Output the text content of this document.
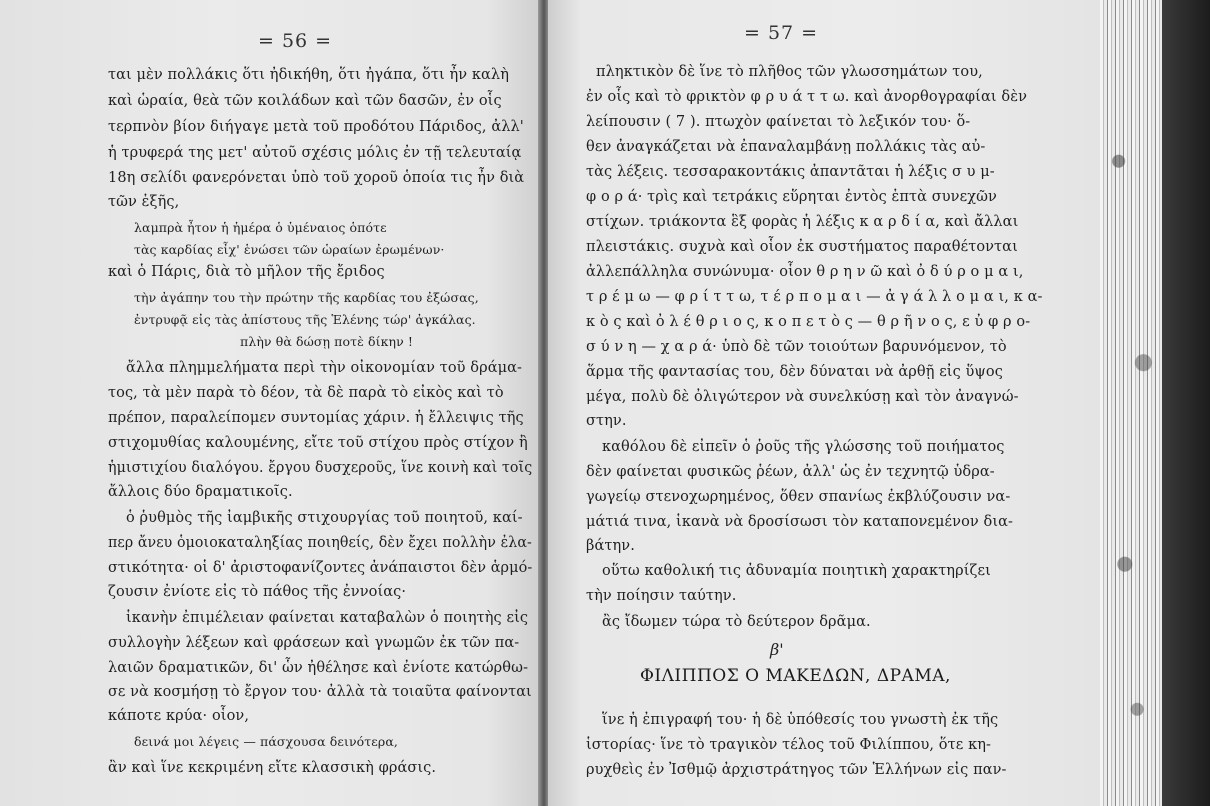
= 56 =
ται μὲν πολλάκις ὅτι ἠδικήθη, ὅτι ἠγάπα, ὅτι ἦν καλὴ
καὶ ὡραία, θεὰ τῶν κοιλάδων καὶ τῶν δασῶν, ἐν οἷς
τερπνὸν βίον διήγαγε μετὰ τοῦ προδότου Πάριδος, ἀλλ'
ἡ τρυφερά της μετ' αὐτοῦ σχέσις μόλις ἐν τῇ τελευταίᾳ
18η σελίδι φανερόνεται ὑπὸ τοῦ χοροῦ ὁποία τις ἦν διὰ
τῶν ἑξῆς,
λαμπρὰ ἦτον ἡ ἡμέρα ὁ ὑμέναιος ὁπότε
τὰς καρδίας εἶχ' ἑνώσει τῶν ὡραίων ἐρωμένων·
καὶ ὁ Πάρις, διὰ τὸ μῆλον τῆς ἔριδος
τὴν ἀγάπην του τὴν πρώτην τῆς καρδίας του ἐξώσας,
ἐντρυφᾷ εἰς τὰς ἀπίστους τῆς Ἑλένης τώρ' ἀγκάλας.
πλὴν θὰ δώσῃ ποτὲ δίκην !
ἄλλα πλημμελήματα περὶ τὴν οἰκονομίαν τοῦ δράμα-
τος, τὰ μὲν παρὰ τὸ δέον, τὰ δὲ παρὰ τὸ εἰκὸς καὶ τὸ
πρέπον, παραλείπομεν συντομίας χάριν. ἡ ἔλλειψις τῆς
στιχομυθίας καλουμένης, εἴτε τοῦ στίχου πρὸς στίχον ἢ
ἡμιστιχίου διαλόγου. ἔργου δυσχεροῦς, ἵνε κοινὴ καὶ τοῖς
ἄλλοις δύο δραματικοῖς.
ὁ ῥυθμὸς τῆς ἰαμβικῆς στιχουργίας τοῦ ποιητοῦ, καί-
περ ἄνευ ὁμοιοκαταληξίας ποιηθείς, δὲν ἔχει πολλὴν ἐλα-
στικότητα· οἱ δ' ἀριστοφανίζοντες ἀνάπαιστοι δὲν ἁρμό-
ζουσιν ἐνίοτε εἰς τὸ πάθος τῆς ἐννοίας·
ἱκανὴν ἐπιμέλειαν φαίνεται καταβαλὼν ὁ ποιητὴς εἰς
συλλογὴν λέξεων καὶ φράσεων καὶ γνωμῶν ἐκ τῶν πα-
λαιῶν δραματικῶν, δι' ὧν ἠθέλησε καὶ ἐνίοτε κατώρθω-
σε νὰ κοσμήσῃ τὸ ἔργον του· ἀλλὰ τὰ τοιαῦτα φαίνονται
κάποτε κρύα· οἷον,
δεινά μοι λέγεις — πάσχουσα δεινότερα,
ἂν καὶ ἵνε κεκριμένη εἴτε κλασσικὴ φράσις.
= 57 =
πληκτικὸν δὲ ἵνε τὸ πλῆθος τῶν γλωσσημάτων του,
ἐν οἷς καὶ τὸ φρικτὸν φ ρ υ ά τ τ ω. καὶ ἀνορθογραφίαι δὲν
λείπουσιν ( 7 ). πτωχὸν φαίνεται τὸ λεξικόν του· ὅ-
θεν ἀναγκάζεται νὰ ἐπαναλαμβάνῃ πολλάκις τὰς αὐ-
τὰς λέξεις. τεσσαρακοντάκις ἀπαντᾶται ἡ λέξις σ υ μ-
φ ο ρ ά· τρὶς καὶ τετράκις εὕρηται ἐντὸς ἑπτὰ συνεχῶν
στίχων. τριάκοντα ἓξ φορὰς ἡ λέξις κ α ρ δ ί α, καὶ ἄλλαι
πλειστάκις. συχνὰ καὶ οἷον ἐκ συστήματος παραθέτονται
ἀλλεπάλληλα συνώνυμα· οἷον θ ρ η ν ῶ καὶ ὀ δ ύ ρ ο μ α ι,
τ ρ έ μ ω — φ ρ ί τ τ ω, τ έ ρ π ο μ α ι — ἀ γ ά λ λ ο μ α ι, κ α-
κ ὸ ς καὶ ὀ λ έ θ ρ ι ο ς, κ ο π ε τ ὸ ς — θ ρ ῆ ν ο ς, ε ὐ φ ρ ο-
σ ύ ν η — χ α ρ ά· ὑπὸ δὲ τῶν τοιούτων βαρυνόμενον, τὸ
ἅρμα τῆς φαντασίας του, δὲν δύναται νὰ ἀρθῇ εἰς ὕψος
μέγα, πολὺ δὲ ὀλιγώτερον νὰ συνελκύσῃ καὶ τὸν ἀναγνώ-
στην.
καθόλου δὲ εἰπεῖν ὁ ῥοῦς τῆς γλώσσης τοῦ ποιήματος
δὲν φαίνεται φυσικῶς ῥέων, ἀλλ' ὡς ἐν τεχνητῷ ὑδρα-
γωγείῳ στενοχωρημένος, ὅθεν σπανίως ἐκβλύζουσιν να-
μάτιά τινα, ἱκανὰ νὰ δροσίσωσι τὸν καταπονεμένον δια-
βάτην.
οὕτω καθολική τις ἀδυναμία ποιητικὴ χαρακτηρίζει
τὴν ποίησιν ταύτην.
ἂς ἴδωμεν τώρα τὸ δεύτερον δρᾶμα.
β'
ΦΙΛΙΠΠΟΣ Ο ΜΑΚΕΔΩΝ, ΔΡΑΜΑ,
ἵνε ἡ ἐπιγραφή του· ἡ δὲ ὑπόθεσίς του γνωστὴ ἐκ τῆς
ἱστορίας· ἵνε τὸ τραγικὸν τέλος τοῦ Φιλίππου, ὅτε κη-
ρυχθεὶς ἐν Ἰσθμῷ ἀρχιστράτηγος τῶν Ἑλλήνων εἰς παν-
